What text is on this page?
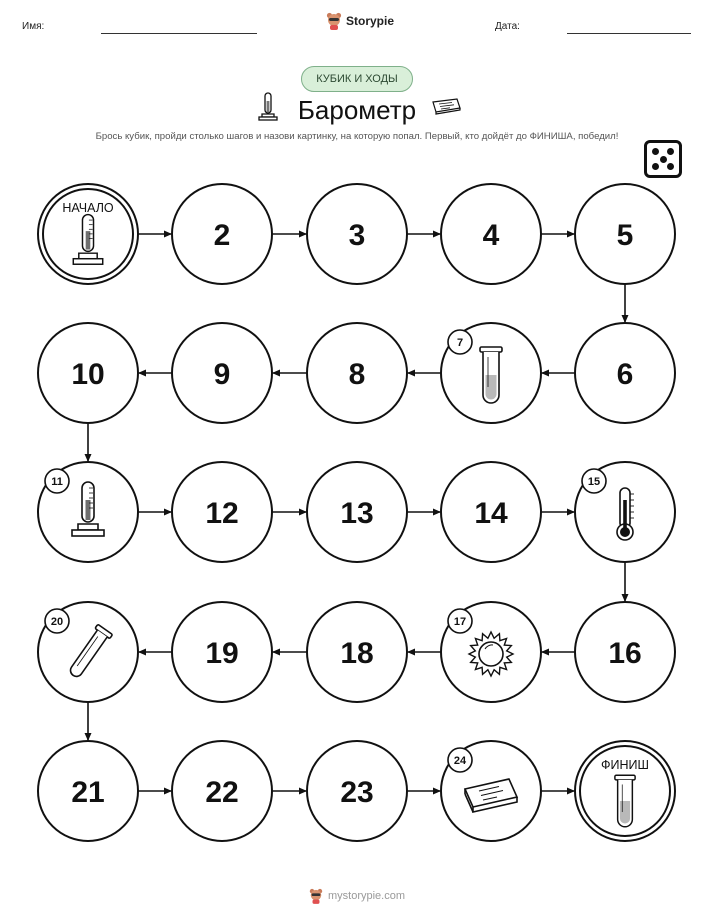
Имя:	Storypie	Дата:
КУБИК И ХОДЫ
Барометр
Брось кубик, пройди столько шагов и назови картинку, на которую попал. Первый, кто дойдёт до ФИНИША, победил!
НАЧАЛО
2	3	4	5
6
7
8
9
10
11
12	13	14
15
16
17
18
19
20
21	22	23
24	ФИНИШ
mystorypie.com
